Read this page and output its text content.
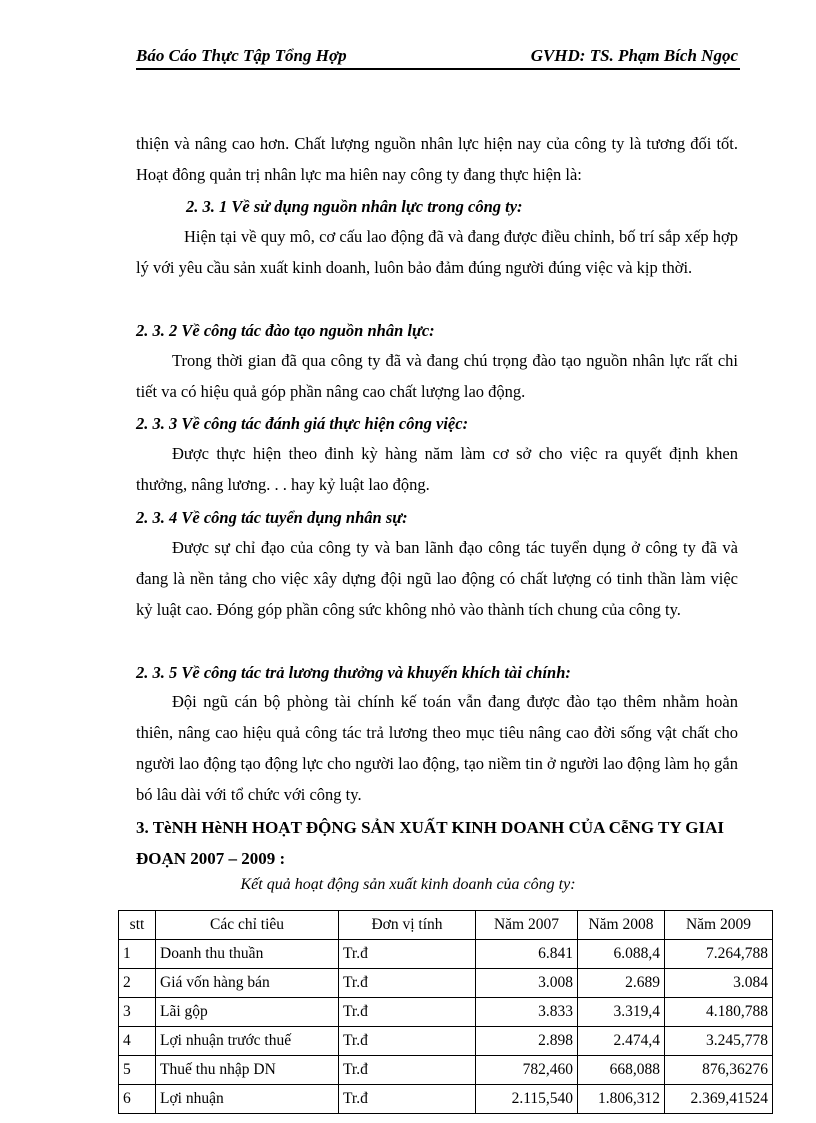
Báo Cáo Thực Tập Tổng Hợp	GVHD: TS. Phạm Bích Ngọc
thiện và nâng cao hơn. Chất lượng nguồn nhân lực hiện nay của công ty là tương đối tốt. Hoạt đông quản trị nhân lực ma hiên nay công ty đang thực hiện là:
2. 3. 1 Về sử dụng nguồn nhân lực trong công ty:
Hiện tại về quy mô, cơ cấu lao động đã và đang được điều chỉnh, bố trí sắp xếp hợp lý với yêu cầu sản xuất kinh doanh, luôn bảo đảm đúng người đúng việc và kịp thời.
2. 3. 2 Về công tác đào tạo nguồn nhân lực:
Trong thời gian đã qua công ty đã và đang chú trọng đào tạo nguồn nhân lực rất chi tiết va có hiệu quả góp phần nâng cao chất lượng lao động.
2. 3. 3 Về công tác đánh giá thực hiện công việc:
Được thực hiện theo đinh kỳ hàng năm làm cơ sở cho việc ra quyết định khen thưởng, nâng lương. . . hay kỷ luật lao động.
2. 3. 4 Về công tác tuyển dụng nhân sự:
Được sự chỉ đạo của công ty và ban lãnh đạo công tác tuyển dụng ở công ty đã và đang là nền tảng cho việc xây dựng đội ngũ lao động có chất lượng có tinh thần làm việc kỷ luật cao. Đóng góp phần công sức không nhỏ vào thành tích chung của công ty.
2. 3. 5 Về công tác trả lương thưởng và khuyến khích tài chính:
Đội ngũ cán bộ phòng tài chính kế toán vẫn đang được đào tạo thêm nhằm hoàn thiên, nâng cao hiệu quả công tác trả lương theo mục tiêu nâng cao đời sống vật chất cho người lao động tạo động lực cho người lao động, tạo niềm tin ở người lao động làm họ gắn bó lâu dài với tổ chức với công ty.
3. TèNH HèNH HOẠT ĐỘNG SẢN XUẤT KINH DOANH CỦA CễNG TY GIAI ĐOẠN 2007 – 2009 :
Kết quả hoạt động sản xuất kinh doanh của công ty:
stt	Các chỉ tiêu	Đơn vị tính	Năm 2007	Năm 2008	Năm 2009
1	Doanh thu thuần	Tr.đ	6.841	6.088,4	7.264,788
2	Giá vốn hàng bán	Tr.đ	3.008	2.689	3.084
3	Lãi gộp	Tr.đ	3.833	3.319,4	4.180,788
4	Lợi nhuận trước thuế	Tr.đ	2.898	2.474,4	3.245,778
5	Thuế thu nhập DN	Tr.đ	782,460	668,088	876,36276
6	Lợi nhuận	Tr.đ	2.115,540	1.806,312	2.369,41524
